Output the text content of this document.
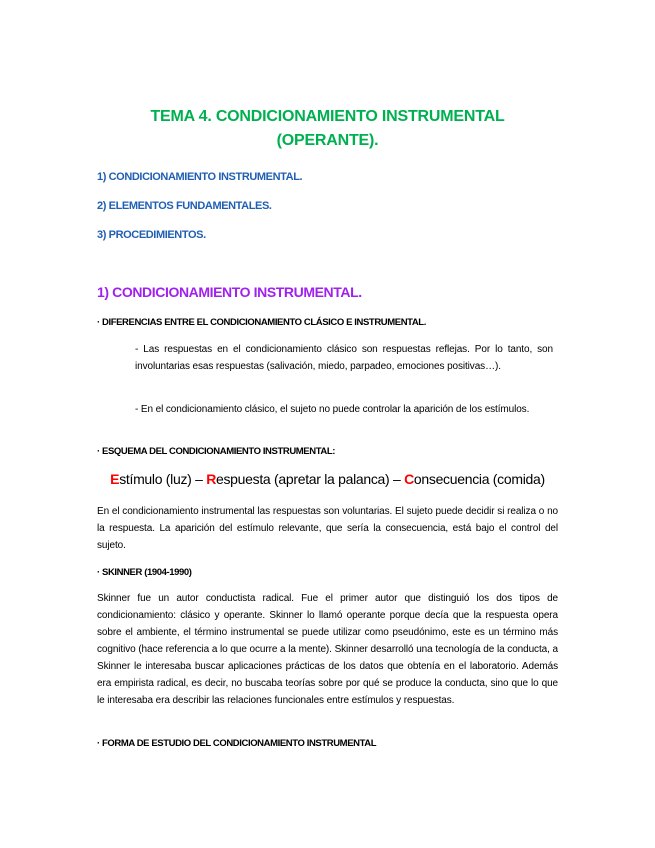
TEMA 4. CONDICIONAMIENTO INSTRUMENTAL
(OPERANTE).
1) CONDICIONAMIENTO INSTRUMENTAL.
2) ELEMENTOS FUNDAMENTALES.
3) PROCEDIMIENTOS.
1) CONDICIONAMIENTO INSTRUMENTAL.
· DIFERENCIAS ENTRE EL CONDICIONAMIENTO CLÁSICO E INSTRUMENTAL.
- Las respuestas en el condicionamiento clásico son respuestas reflejas. Por lo tanto, son involuntarias esas respuestas (salivación, miedo, parpadeo, emociones positivas…).
- En el condicionamiento clásico, el sujeto no puede controlar la aparición de los estímulos.
· ESQUEMA DEL CONDICIONAMIENTO INSTRUMENTAL:
Estímulo (luz) – Respuesta (apretar la palanca) – Consecuencia (comida)
En el condicionamiento instrumental las respuestas son voluntarias. El sujeto puede decidir si realiza o no la respuesta. La aparición del estímulo relevante, que sería la consecuencia, está bajo el control del sujeto.
· SKINNER (1904-1990)
Skinner fue un autor conductista radical. Fue el primer autor que distinguió los dos tipos de condicionamiento: clásico y operante. Skinner lo llamó operante porque decía que la respuesta opera sobre el ambiente, el término instrumental se puede utilizar como pseudónimo, este es un término más cognitivo (hace referencia a lo que ocurre a la mente). Skinner desarrolló una tecnología de la conducta, a Skinner le interesaba buscar aplicaciones prácticas de los datos que obtenía en el laboratorio. Además era empirista radical, es decir, no buscaba teorías sobre por qué se produce la conducta, sino que lo que le interesaba era describir las relaciones funcionales entre estímulos y respuestas.
· FORMA DE ESTUDIO DEL CONDICIONAMIENTO INSTRUMENTAL
